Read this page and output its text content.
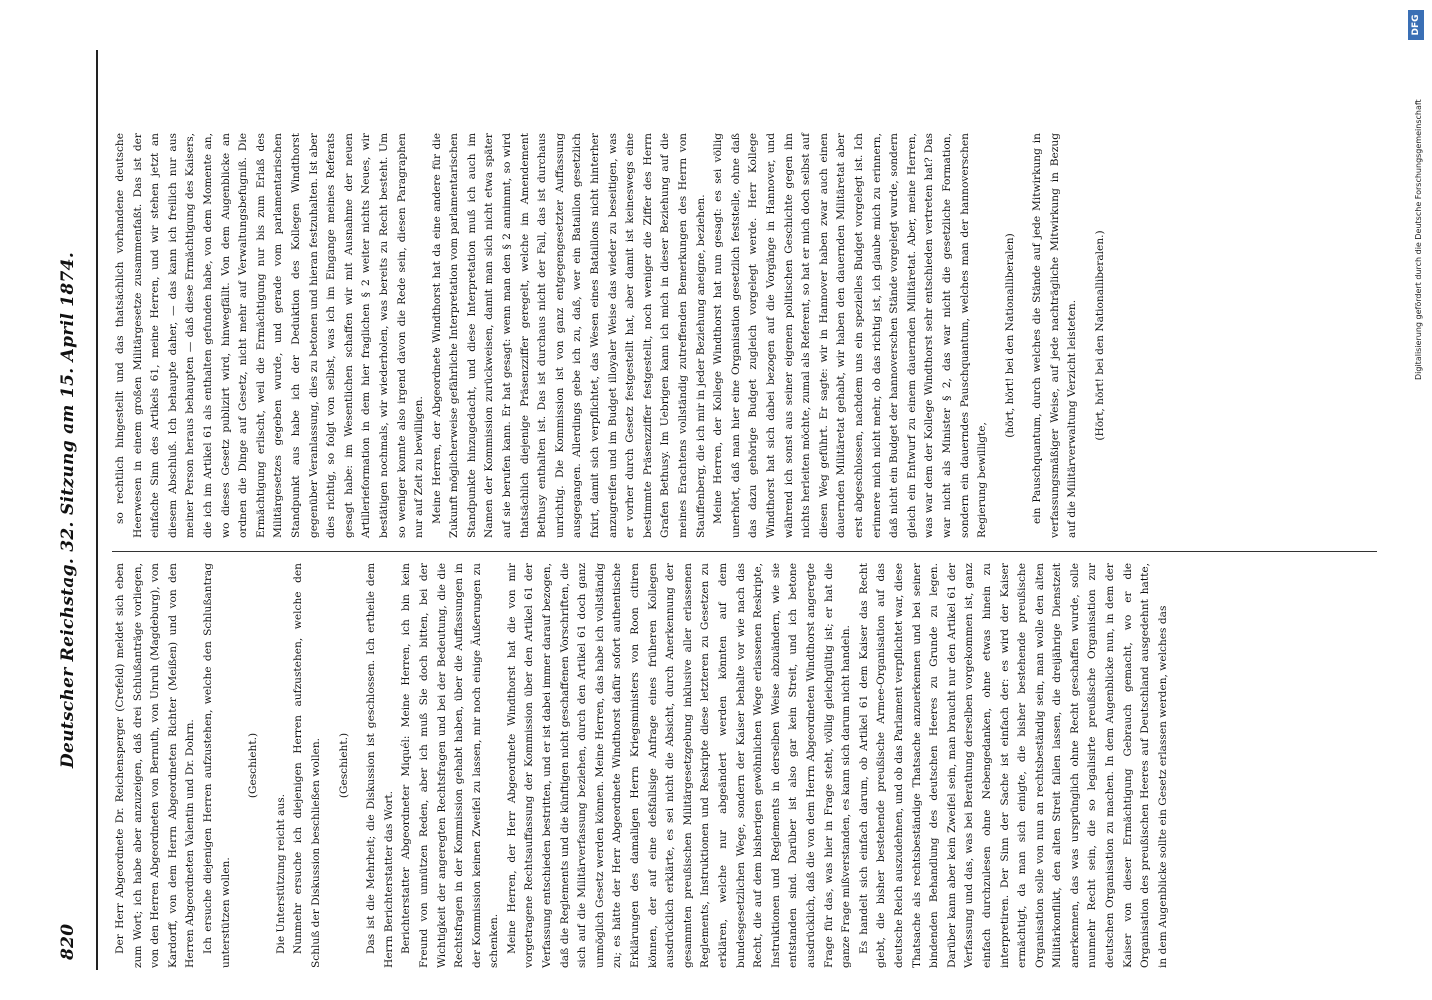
820
Deutscher Reichstag. 32. Sitzung am 15. April 1874.	Der Herr Abgeordnete Dr. Reichensperger (Crefeld) meldet sich eben zum Wort; ich habe aber anzuzeigen, daß drei Schlußanträge vorliegen, von den Herren Abgeordneten von Bernuth, von Unruh (Magdeburg), von Kardorff, von dem Herrn Abgeordneten Richter (Meißen) und von den Herren Abgeordneten Valentin und Dr. Dohrn. Ich ersuche diejenigen Herren aufzustehen, welche den Schlußantrag unterstützen wollen.

(Geschieht.)

Die Unterstützung reicht aus. Nunmehr ersuche ich diejenigen Herren aufzustehen, welche den Schluß der Diskussion beschließen wollen.	(Geschieht.)	Das ist die Mehrheit; die Diskussion ist geschlossen. Ich ertheile dem Herrn Berichterstatter das Wort. Berichterstatter Abgeordneter Miquél: Meine Herren, ich bin kein Freund von unnützen Reden, aber ich muß Sie doch bitten, bei der Wichtigkeit der angeregten Rechtsfragen und bei der Bedeutung, die die Rechtsfragen in der Kommission gehabt haben, über die Auffassungen in der Kommission keinen Zweifel zu lassen, mir noch einige Äußerungen zu schenken. Meine Herren, der Herr Abgeordnete Windthorst hat die von mir vorgetragene Rechtsauffassung der Kommission über den Artikel 61 der Verfassung entschieden bestritten, und er ist dabei immer darauf bezogen, daß die Reglements und die künftigen nicht geschaffenen Vorschriften, die sich auf die Militärverfassung beziehen, durch den Artikel 61 doch ganz unmöglich Gesetz werden können. Meine Herren, das habe ich vollständig zu; es hätte der Herr Abgeordnete Windthorst dafür sofort authentische Erklärungen des damaligen Herrn Kriegsministers von Roon citiren können, der auf eine deßfallsige Anfrage eines früheren Kollegen ausdrücklich erklärte, es sei nicht die Absicht, durch Anerkennung der gesammten preußischen Militärgesetzgebung inklusive aller erlassenen Reglements, Instruktionen und Reskripte diese letzteren zu Gesetzen zu erklären, welche nur abgeändert werden könnten auf dem bundesgesetzlichen Wege, sondern der Kaiser behalte vor wie nach das Recht, die auf dem bisherigen gewöhnlichen Wege erlassenen Reskripte, Instruktionen und Reglements in derselben Weise abzuändern, wie sie entstanden sind. Darüber ist also gar kein Streit, und ich betone ausdrücklich, daß die von dem Herrn Abgeordneten Windthorst angeregte Frage für das, was hier in Frage steht, völlig gleichgültig ist; er hat die ganze Frage mißverstanden, es kann sich darum nicht handeln. Es handelt sich einfach darum, ob Artikel 61 dem Kaiser das Recht giebt, die bisher bestehende preußische Armee-Organisation auf das deutsche Reich auszudehnen, und ob das Parlament verpflichtet war, diese Thatsache als rechtsbeständige Thatsache anzuerkennen und bei seiner bindenden Behandlung des deutschen Heeres zu Grunde zu legen. Darüber kann aber kein Zweifel sein, man braucht nur den Artikel 61 der Verfassung und das, was bei Berathung derselben vorgekommen ist, ganz einfach durchzulesen ohne Nebengedanken, ohne etwas hinein zu interpretiren. Der Sinn der Sache ist einfach der: es wird der Kaiser ermächtigt, da man sich einigte, die bisher bestehende preußische Organisation solle von nun an rechtsbeständig sein, man wolle den alten Militärkonflikt, den alten Streit fallen lassen, die dreijährige Dienstzeit anerkennen, das was ursprünglich ohne Recht geschaffen wurde, solle nunmehr Recht sein, die so legalisirte preußische Organisation zur deutschen Organisation zu machen. In dem Augenblicke nun, in dem der Kaiser von dieser Ermächtigung Gebrauch gemacht, wo er die Organisation des preußischen Heeres auf Deutschland ausgedehnt hatte, in dem Augenblicke sollte ein Gesetz erlassen werden, welches das

so rechtlich hingestellt und das thatsächlich vorhandene deutsche Heerwesen in einem großen Militärgesetze zusammenfaßt. Das ist der einfache Sinn des Artikels 61, meine Herren, und wir stehen jetzt an diesem Abschluß. Ich behaupte daher, — das kann ich freilich nur aus meiner Person heraus behaupten — daß diese Ermächtigung des Kaisers, die ich im Artikel 61 als enthalten gefunden habe, von dem Momente an, wo dieses Gesetz publizirt wird, hinwegfällt. Von dem Augenblicke an ordnen die Dinge auf Gesetz, nicht mehr auf Verwaltungsbefugniß. Die Ermächtigung erlischt, weil die Ermächtigung nur bis zum Erlaß des Militärgesetzes gegeben wurde, und gerade vom parlamentarischen Standpunkt aus habe ich der Deduktion des Kollegen Windthorst gegenüber Veranlassung, dies zu betonen und hieran festzuhalten. Ist aber dies richtig, so folgt von selbst, was ich im Eingange meines Referats gesagt habe: im Wesentlichen schaffen wir mit Ausnahme der neuen Artillerieformation in dem hier fraglichen § 2 weiter nichts Neues, wir bestätigen nochmals, wir wiederholen, was bereits zu Recht besteht. Um so weniger konnte also irgend davon die Rede sein, diesen Paragraphen nur auf Zeit zu bewilligen. Meine Herren, der Abgeordnete Windthorst hat da eine andere für die Zukunft möglicherweise gefährliche Interpretation vom parlamentarischen Standpunkte hinzugedacht, und diese Interpretation muß ich auch im Namen der Kommission zurückweisen, damit man sich nicht etwa später auf sie berufen kann. Er hat gesagt: wenn man den § 2 annimmt, so wird thatsächlich diejenige Präsenzziffer geregelt, welche im Amendement Bethusy enthalten ist. Das ist durchaus nicht der Fall, das ist durchaus unrichtig. Die Kommission ist von ganz entgegengesetzter Auffassung ausgegangen. Allerdings gebe ich zu, daß, wer ein Bataillon gesetzlich fixirt, damit sich verpflichtet, das Wesen eines Bataillons nicht hinterher anzugreifen und im Budget illoyaler Weise das wieder zu beseitigen, was er vorher durch Gesetz festgestellt hat, aber damit ist keineswegs eine bestimmte Präsenzziffer festgestellt, noch weniger die Ziffer des Herrn Grafen Bethusy. Im Uebrigen kann ich mich in dieser Beziehung auf die meines Erachtens vollständig zutreffenden Bemerkungen des Herrn von Stauffenberg, die ich mir in jeder Beziehung aneigne, beziehen. Meine Herren, der Kollege Windthorst hat nun gesagt: es sei völlig unerhört, daß man hier eine Organisation gesetzlich feststelle, ohne daß das dazu gehörige Budget zugleich vorgelegt werde. Herr Kollege Windthorst hat sich dabei bezogen auf die Vorgänge in Hannover, und während ich sonst aus seiner eigenen politischen Geschichte gegen ihn nichts herleiten möchte, zumal als Referent, so hat er mich doch selbst auf diesen Weg geführt. Er sagte: wir in Hannover haben zwar auch einen dauernden Militäretat gehabt, wir haben den dauernden Militäretat aber erst abgeschlossen, nachdem uns ein spezielles Budget vorgelegt ist. Ich erinnere mich nicht mehr, ob das richtig ist, ich glaube mich zu erinnern, daß nicht ein Budget der hannoverschen Stände vorgelegt wurde, sondern gleich ein Entwurf zu einem dauernden Militäretat. Aber, meine Herren, was war dem der Kollege Windthorst sehr entschieden vertreten hat? Das war nicht als Minister § 2, das war nicht die gesetzliche Formation, sondern ein dauerndes Pauschquantum, welches man der hannoverschen Regierung bewilligte,

(hört, hört! bei den Nationalliberalen)	ein Pauschquantum, durch welches die Stände auf jede Mitwirkung in verfassungsmäßiger Weise, auf jede nachträgliche Mitwirkung in Bezug auf die Militärverwaltung Verzicht leisteten.	(Hört, hört! bei den Nationalliberalen.)	Digitalisierung gefördert durch die Deutsche Forschungsgemeinschaft
DFG
